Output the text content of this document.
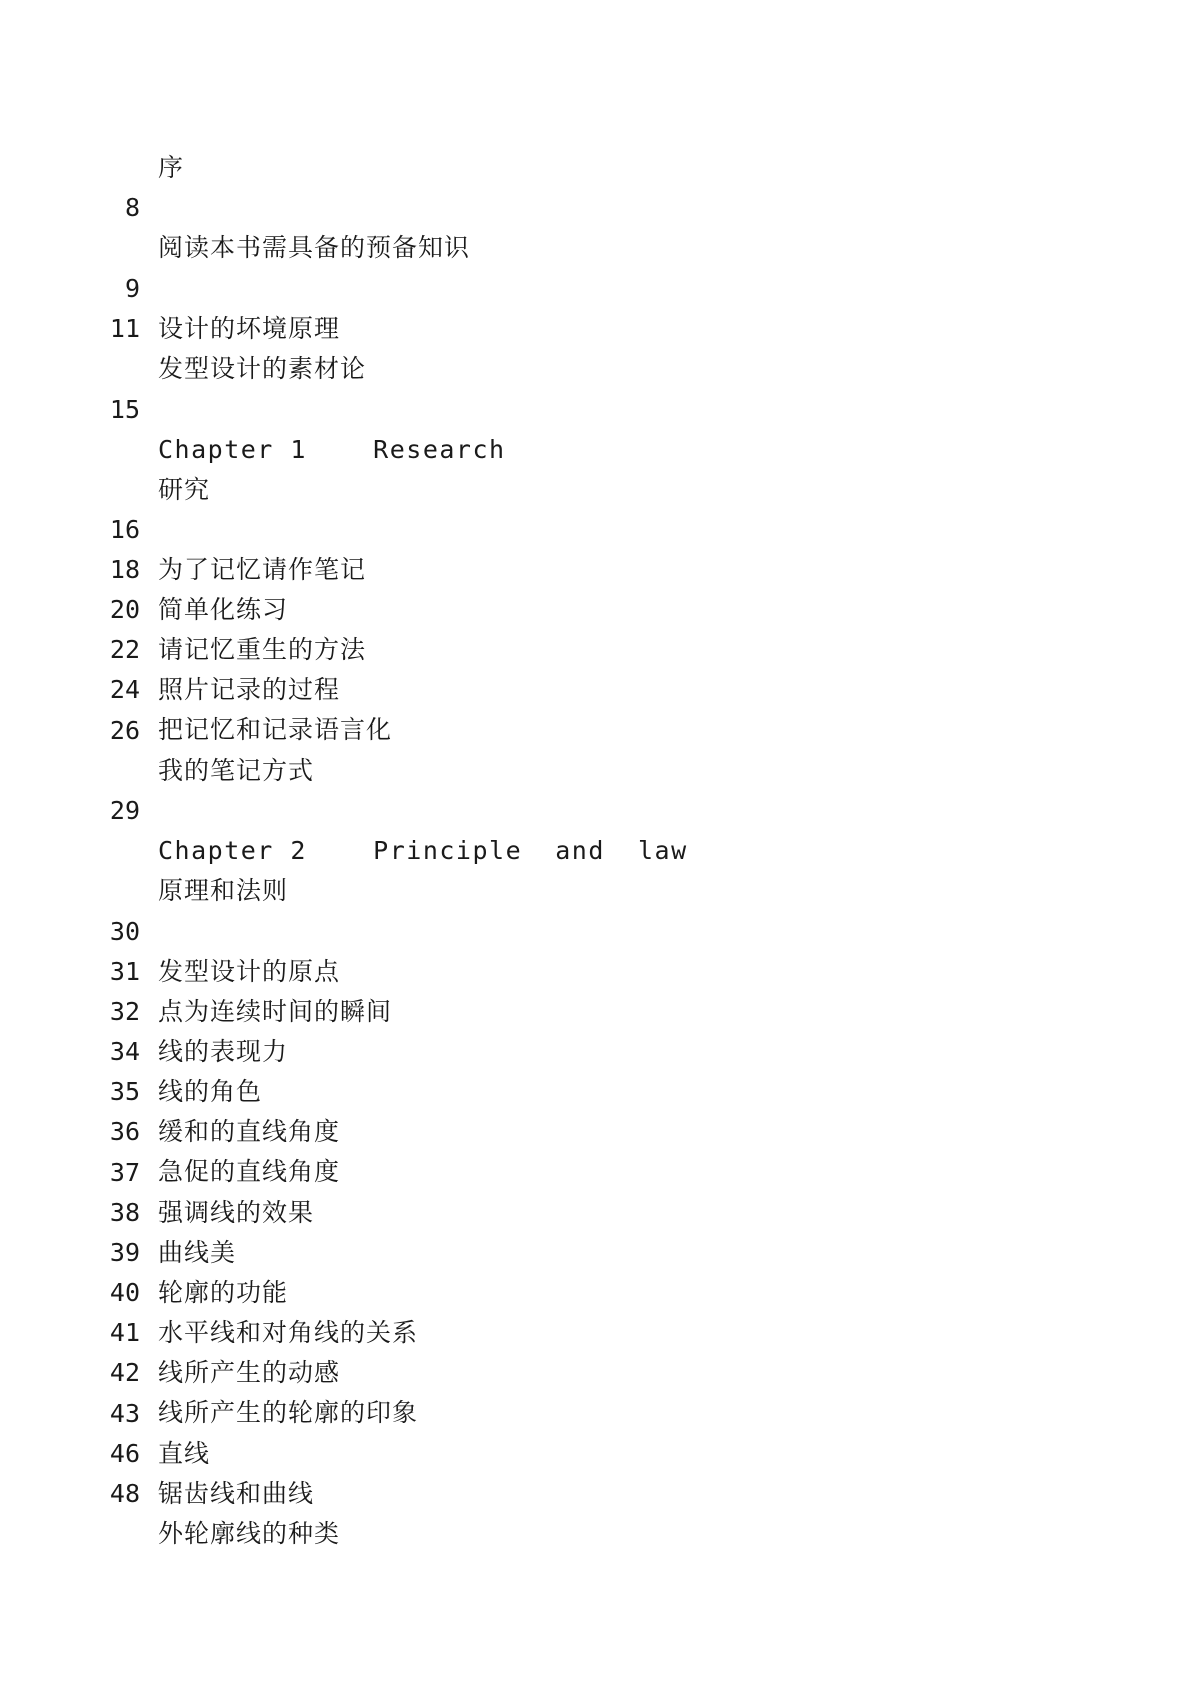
序

8

阅读本书需具备的预备知识

9

设计的坏境原理

11

发型设计的素材论

15

Chapter 1    Research

研究

16

为了记忆请作笔记

18

简单化练习

20

请记忆重生的方法

22

照片记录的过程

24

把记忆和记录语言化

26

我的笔记方式

29

Chapter 2    Principle  and  law

原理和法则

30

发型设计的原点

31

点为连续时间的瞬间

32

线的表现力

34

线的角色

35

缓和的直线角度

36

急促的直线角度

37

强调线的效果

38

曲线美

39

轮廓的功能

40

水平线和对角线的关系

41

线所产生的动感

42

线所产生的轮廓的印象

43

直线

46

锯齿线和曲线

48

外轮廓线的种类
